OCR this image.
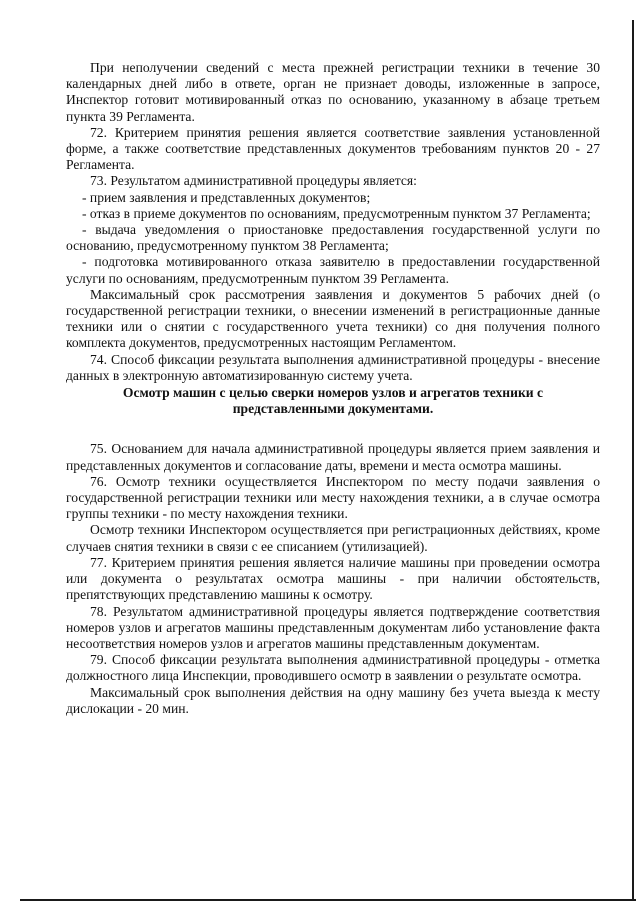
При неполучении сведений с места прежней регистрации техники в течение 30 календарных дней либо в ответе, орган не признает доводы, изложенные в запросе, Инспектор готовит мотивированный отказ по основанию, указанному в абзаце третьем пункта 39 Регламента.

72. Критерием принятия решения является соответствие заявления установленной форме, а также соответствие представленных документов требованиям пунктов 20 - 27 Регламента.

73. Результатом административной процедуры является:

- прием заявления и представленных документов;

- отказ в приеме документов по основаниям, предусмотренным пунктом 37 Регламента;

- выдача уведомления о приостановке предоставления государственной услуги по основанию, предусмотренному пунктом 38 Регламента;

- подготовка мотивированного отказа заявителю в предоставлении государственной услуги по основаниям, предусмотренным пунктом 39 Регламента.

Максимальный срок рассмотрения заявления и документов 5 рабочих дней (о государственной регистрации техники, о внесении изменений в регистрационные данные техники или о снятии с государственного учета техники) со дня получения полного комплекта документов, предусмотренных настоящим Регламентом.

74. Способ фиксации результата выполнения административной процедуры - внесение данных в электронную автоматизированную систему учета.

Осмотр машин с целью сверки номеров узлов и агрегатов техники с представленными документами.

75. Основанием для начала административной процедуры является прием заявления и представленных документов и согласование даты, времени и места осмотра машины.

76. Осмотр техники осуществляется Инспектором по месту подачи заявления о государственной регистрации техники или месту нахождения техники, а в случае осмотра группы техники - по месту нахождения техники.

Осмотр техники Инспектором осуществляется при регистрационных действиях, кроме случаев снятия техники в связи с ее списанием (утилизацией).

77. Критерием принятия решения является наличие машины при проведении осмотра или документа о результатах осмотра машины - при наличии обстоятельств, препятствующих представлению машины к осмотру.

78. Результатом административной процедуры является подтверждение соответствия номеров узлов и агрегатов машины представленным документам либо установление факта несоответствия номеров узлов и агрегатов машины представленным документам.

79. Способ фиксации результата выполнения административной процедуры - отметка должностного лица Инспекции, проводившего осмотр в заявлении о результате осмотра.

Максимальный срок выполнения действия на одну машину без учета выезда к месту дислокации - 20 мин.
